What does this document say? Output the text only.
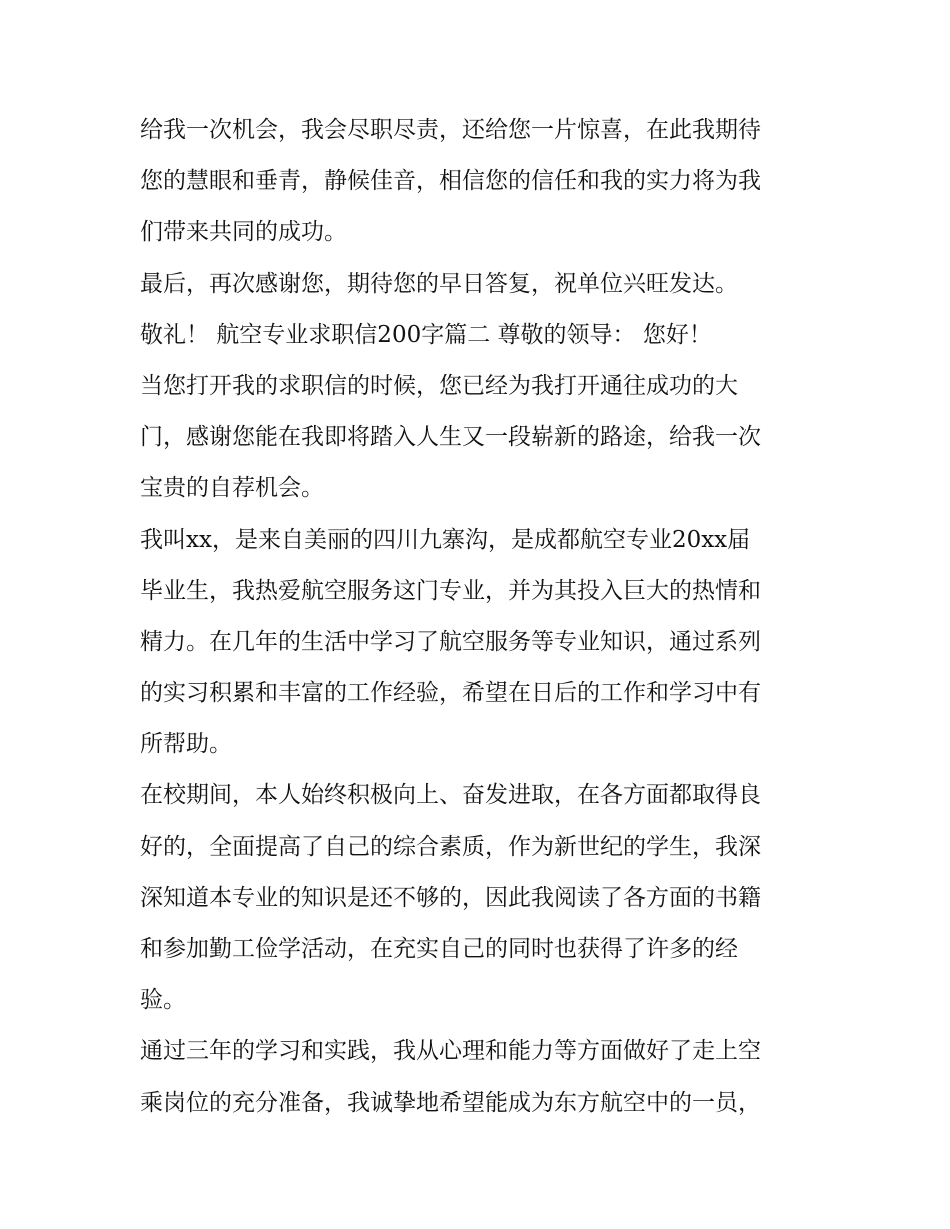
给我一次机会，我会尽职尽责，还给您一片惊喜，在此我期待
您的慧眼和垂青，静候佳音，相信您的信任和我的实力将为我
们带来共同的成功。
最后，再次感谢您，期待您的早日答复，祝单位兴旺发达。
敬礼！ 航空专业求职信200字篇二 尊敬的领导： 您好！
当您打开我的求职信的时候，您已经为我打开通往成功的大
门，感谢您能在我即将踏入人生又一段崭新的路途，给我一次
宝贵的自荐机会。
我叫xx，是来自美丽的四川九寨沟，是成都航空专业20xx届
毕业生，我热爱航空服务这门专业，并为其投入巨大的热情和
精力。在几年的生活中学习了航空服务等专业知识，通过系列
的实习积累和丰富的工作经验，希望在日后的工作和学习中有
所帮助。
在校期间，本人始终积极向上、奋发进取，在各方面都取得良
好的，全面提高了自己的综合素质，作为新世纪的学生，我深
深知道本专业的知识是还不够的，因此我阅读了各方面的书籍
和参加勤工俭学活动，在充实自己的同时也获得了许多的经
验。
通过三年的学习和实践，我从心理和能力等方面做好了走上空
乘岗位的充分准备，我诚挚地希望能成为东方航空中的一员，
